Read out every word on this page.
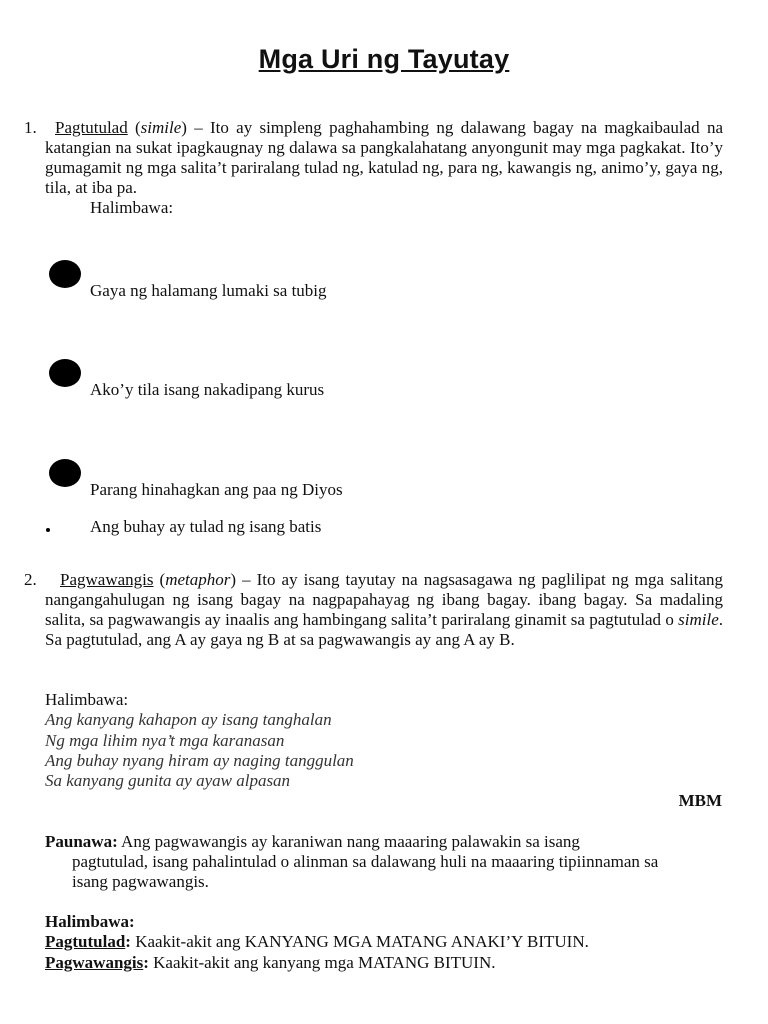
Mga Uri ng Tayutay
1.	Pagtutulad (simile) – Ito ay simpleng paghahambing ng dalawang bagay na magkaibaulad na katangian na sukat ipagkaugnay ng dalawa sa pangkalahatang anyongunit may mga pagkakat. Ito’y gumagamit ng mga salita’t pariralang tulad ng, katulad ng, para ng, kawangis ng, animo’y, gaya ng, tila, at iba pa.
Halimbawa:
Gaya ng halamang lumaki sa tubig
Ako’y tila isang nakadipang kurus
Parang hinahagkan ang paa ng Diyos
Ang buhay ay tulad ng isang batis
2.	Pagwawangis (metaphor) – Ito ay isang tayutay na nagsasagawa ng paglilipat ng mga salitang nangangahulugan ng isang bagay na nagpapahayag ng ibang bagay. ibang bagay. Sa madaling salita, sa pagwawangis ay inaalis ang hambingang salita’t pariralang ginamit sa pagtutulad o simile. Sa pagtutulad, ang A ay gaya ng B at sa pagwawangis ay ang A ay B.
Halimbawa:
Ang kanyang kahapon ay isang tanghalan
Ng mga lihim nya’t mga karanasan
Ang buhay nyang hiram ay naging tanggulan
Sa kanyang gunita ay ayaw alpasan
MBM
Paunawa: Ang pagwawangis ay karaniwan nang maaaring palawakin sa isang
pagtutulad, isang pahalintulad o alinman sa dalawang huli na maaaring tipiinnaman sa isang pagwawangis.
Halimbawa:
Pagtutulad: Kaakit-akit ang KANYANG MGA MATANG ANAKI’Y BITUIN.
Pagwawangis: Kaakit-akit ang kanyang mga MATANG BITUIN.
